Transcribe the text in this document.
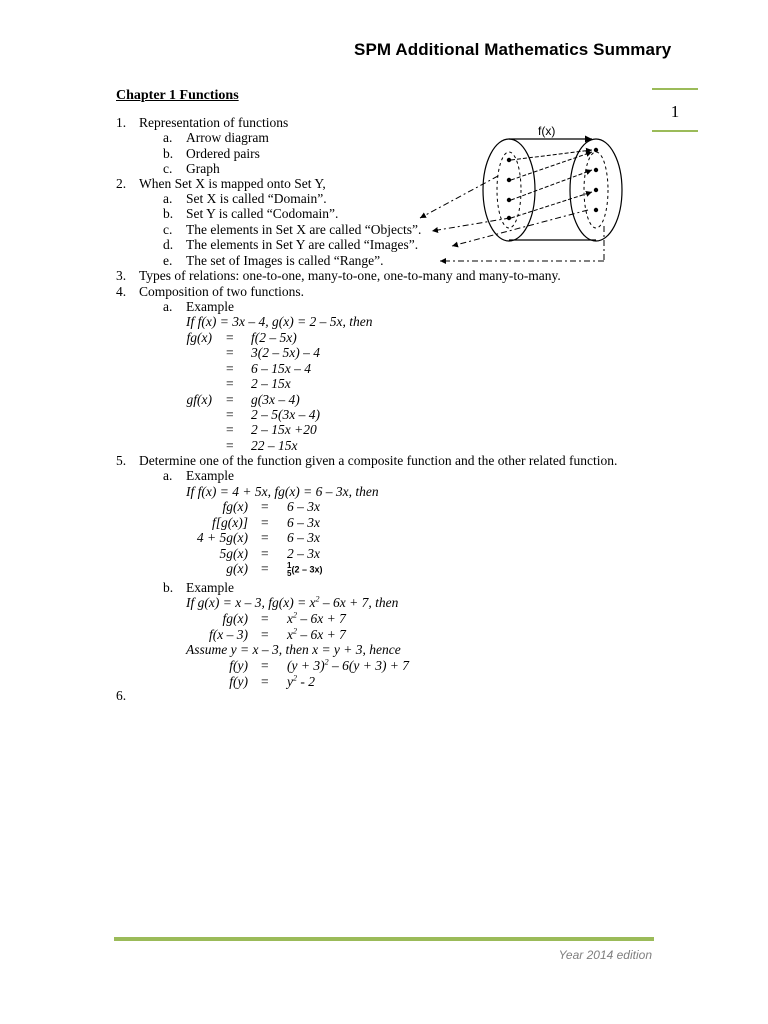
SPM Additional Mathematics Summary
1
Chapter 1 Functions
1. Representation of functions
a. Arrow diagram
b. Ordered pairs
c. Graph
2. When Set X is mapped onto Set Y,
a. Set X is called “Domain”.
b. Set Y is called “Codomain”.
c. The elements in Set X are called “Objects”.
d. The elements in Set Y are called “Images”.
e. The set of Images is called “Range”.
3. Types of relations: one-to-one, many-to-one, one-to-many and many-to-many.
4. Composition of two functions.
a. Example
If f(x) = 3x – 4, g(x) = 2 – 5x, then
fg(x) = f(2 – 5x)
= 3(2 – 5x) – 4
= 6 – 15x – 4
= 2 – 15x
gf(x) = g(3x – 4)
= 2 – 5(3x – 4)
= 2 – 15x +20
= 22 – 15x
5. Determine one of the function given a composite function and the other related function.
a. Example
If f(x) = 4 + 5x, fg(x) = 6 – 3x, then
fg(x) = 6 – 3x
f[g(x)] = 6 – 3x
4 + 5g(x) = 6 – 3x
5g(x) = 2 – 3x
g(x) = 1
5(2 – 3x)
b. Example
If g(x) = x – 3, $fg(x) = x^2 - 6x + 7$, then
$fg(x) = x^2 - 6x + 7$
$f(x - 3) = x^2 - 6x + 7$
Assume y = x – 3, then x = y + 3, hence
$f(y) = (y + 3)^2 - 6(y + 3) + 7$
$f(y) = y^2 - 2$
6.
f(x)
Year 2014 edition
